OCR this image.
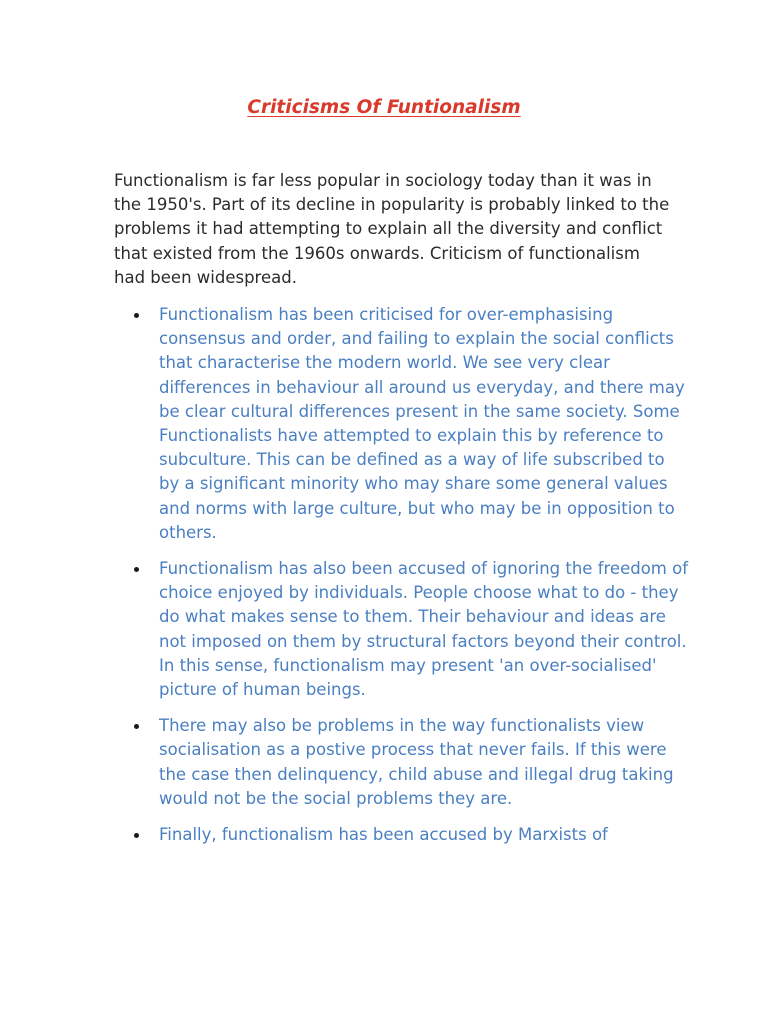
Criticisms Of Funtionalism

Functionalism is far less popular in sociology today than it was in the 1950's. Part of its decline in popularity is probably linked to the problems it had attempting to explain all the diversity and conflict that existed from the 1960s onwards. Criticism of functionalism had been widespread.

Functionalism has been criticised for over-emphasising consensus and order, and failing to explain the social conflicts that characterise the modern world. We see very clear differences in behaviour all around us everyday, and there may be clear cultural differences present in the same society. Some Functionalists have attempted to explain this by reference to subculture. This can be defined as a way of life subscribed to by a significant minority who may share some general values and norms with large culture, but who may be in opposition to others.
Functionalism has also been accused of ignoring the freedom of choice enjoyed by individuals. People choose what to do - they do what makes sense to them. Their behaviour and ideas are not imposed on them by structural factors beyond their control. In this sense, functionalism may present 'an over-socialised' picture of human beings.
There may also be problems in the way functionalists view socialisation as a postive process that never fails. If this were the case then delinquency, child abuse and illegal drug taking would not be the social problems they are.
Finally, functionalism has been accused by Marxists of
